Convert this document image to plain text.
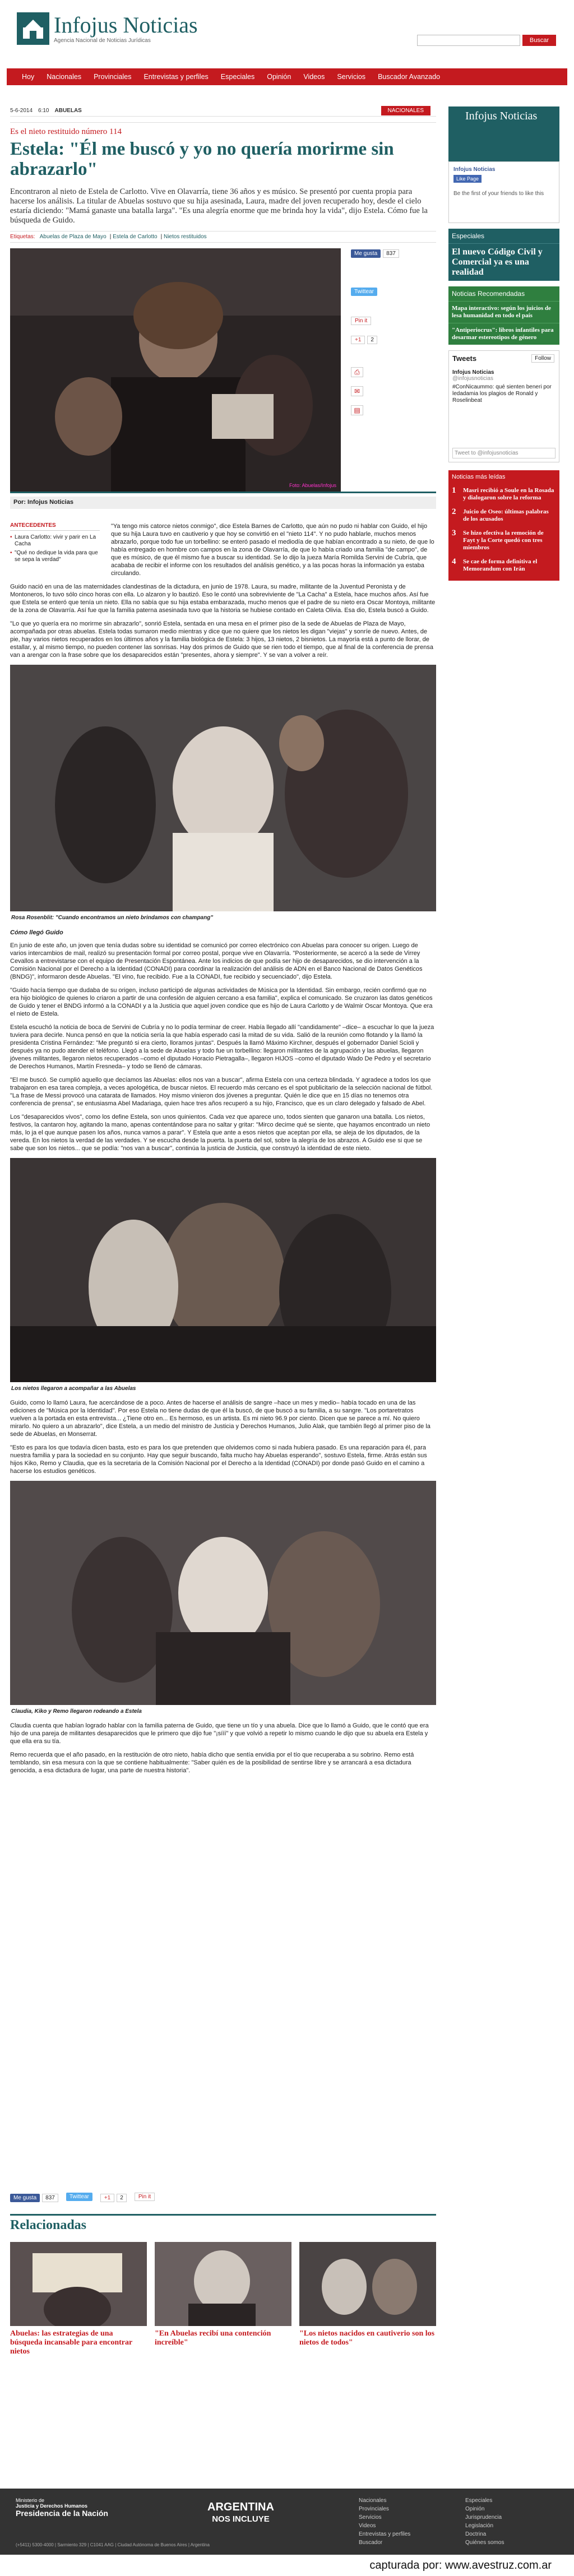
Infojus Noticias
Agencia Nacional de Noticias Jurídicas	Buscar
Hoy	Nacionales	Provinciales	Entrevistas y perfiles	Especiales	Opinión	Videos	Servicios	Buscador Avanzado
5-6-2014 6:10 ABUELAS	NACIONALES
Es el nieto restituido número 114
Estela: "Él me buscó y yo no quería morirme sin abrazarlo"

Encontraron al nieto de Estela de Carlotto. Vive en Olavarría, tiene 36 años y es músico. Se presentó por cuenta propia para hacerse los análisis. La titular de Abuelas sostuvo que su hija asesinada, Laura, madre del joven recuperado hoy, desde el cielo estaría diciendo: "Mamá ganaste una batalla larga". "Es una alegría enorme que me brinda hoy la vida", dijo Estela. Cómo fue la búsqueda de Guido.

Etiquetas: Abuelas de Plaza de Mayo | Estela de Carlotto | Nietos restituidos
Foto: Abuelas/Infojus
Me gusta	837
Twittear
Pin it
+1	2
⎙
✉
▤
Por: Infojus Noticias
ANTECEDENTES
• Laura Carlotto: vivir y parir en La Cacha
• "Qué no dedique la vida para que se sepa la verdad"

"Ya tengo mis catorce nietos conmigo", dice Estela Barnes de Carlotto, que aún no pudo ni hablar con Guido, el hijo que su hija Laura tuvo en cautiverio y que hoy se convirtió en el "nieto 114". Y no pudo hablarle, muchos menos abrazarlo, porque todo fue un torbellino: se enteró pasado el mediodía de que habían encontrado a su nieto, de que lo había entregado en hombre con campos en la zona de Olavarría, de que lo había criado una familia "de campo", de que es músico, de que él mismo fue a buscar su identidad. Se lo dijo la jueza María Romilda Servini de Cubría, que acababa de recibir el informe con los resultados del análisis genético, y a las pocas horas la información ya estaba circulando.

Guido nació en una de las maternidades clandestinas de la dictadura, en junio de 1978. Laura, su madre, militante de la Juventud Peronista y de Montoneros, lo tuvo sólo cinco horas con ella. Lo alzaron y lo bautizó. Eso le contó una sobreviviente de "La Cacha" a Estela, hace muchos años. Así fue que Estela se enteró que tenía un nieto. Ella no sabía que su hija estaba embarazada, mucho menos que el padre de su nieto era Oscar Montoya, militante de la zona de Olavarría. Así fue que la familia paterna asesinada tuvo que la historia se hubiese contado en Caleta Olivia. Esa dio, Estela buscó a Guido.

"Lo que yo quería era no morirme sin abrazarlo", sonrió Estela, sentada en una mesa en el primer piso de la sede de Abuelas de Plaza de Mayo, acompañada por otras abuelas. Estela todas sumaron medio mientras y dice que no quiere que los nietos les digan "viejas" y sonríe de nuevo. Antes, de pie, hay varios nietos recuperados en los últimos años y la familia biológica de Estela: 3 hijos, 13 nietos, 2 bisnietos. La mayoría está a punto de llorar, de estallar, y, al mismo tiempo, no pueden contener las sonrisas. Hay dos primos de Guido que se rien todo el tiempo, que al final de la conferencia de prensa van a arengar con la frase sobre que los desaparecidos están "presentes, ahora y siempre". Y se van a volver a reír.

Rosa Rosenblit: "Cuando encontramos un nieto brindamos con champang"
Cómo llegó Guido

En junio de este año, un joven que tenía dudas sobre su identidad se comunicó por correo electrónico con Abuelas para conocer su origen. Luego de varios intercambios de mail, realizó su presentación formal por correo postal, porque vive en Olavarría. "Posteriormente, se acercó a la sede de Virrey Cevallos a entrevistarse con el equipo de Presentación Espontánea. Ante los indicios de que podía ser hijo de desaparecidos, se dio intervención a la Comisión Nacional por el Derecho a la Identidad (CONADI) para coordinar la realización del análisis de ADN en el Banco Nacional de Datos Genéticos (BNDG)", informaron desde Abuelas. "El vino, fue recibido. Fue a la CONADI, fue recibido y secuenciado", dijo Estela.

"Guido hacía tiempo que dudaba de su origen, incluso participó de algunas actividades de Música por la Identidad. Sin embargo, recién confirmó que no era hijo biológico de quienes lo criaron a partir de una confesión de alguien cercano a esa familia", explica el comunicado. Se cruzaron las datos genéticos de Guido y tener el BNDG informó a la CONADI y a la Justicia que aquel joven condice que es hijo de Laura Carlotto y de Walmir Oscar Montoya. Que era el nieto de Estela.

Estela escuchó la noticia de boca de Servini de Cubría y no lo podía terminar de creer. Había llegado allí "candidamente" –dice– a escuchar lo que la jueza tuviera para decirle. Nunca pensó en que la noticia sería la que había esperado casi la mitad de su vida. Salió de la reunión como flotando y la llamó la presidenta Cristina Fernández: "Me preguntó si era cierto, lloramos juntas". Después la llamó Máximo Kirchner, después el gobernador Daniel Scioli y después ya no pudo atender el teléfono. Llegó a la sede de Abuelas y todo fue un torbellino: llegaron militantes de la agrupación y las abuelas, llegaron jóvenes militantes, llegaron nietos recuperados –como el diputado Horacio Pietragalla–, llegaron HIJOS –como el diputado Wado De Pedro y el secretario de Derechos Humanos, Martín Fresneda– y todo se llenó de cámaras.

"El me buscó. Se cumplió aquello que decíamos las Abuelas: ellos nos van a buscar", afirma Estela con una certeza blindada. Y agradece a todos los que trabajaron en esa tarea compleja, a veces apologética, de buscar nietos. El recuerdo más cercano es el spot publicitario de la selección nacional de fútbol. "La frase de Messi provocó una catarata de llamados. Hoy mismo vinieron dos jóvenes a preguntar. Quién le dice que en 15 días no tenemos otra conferencia de prensa", se entusiasma Abel Madariaga, quien hace tres años recuperó a su hijo, Francisco, que es un claro delegado y falsado de Abel.

Los "desaparecidos vivos", como los define Estela, son unos quinientos. Cada vez que aparece uno, todos sienten que ganaron una batalla. Los nietos, festivos, la cantaron hoy, agitando la mano, apenas contentándose para no saltar y gritar: "Mirco decime qué se siente, que hayamos encontrado un nieto más, lo ja el que aunque pasen los años, nunca vamos a parar". Y Estela que ante a esos nietos que aceptan por ella, se aleja de los diputados, de la vereda. En los nietos la verdad de las verdades. Y se escucha desde la puerta. la puerta del sol, sobre la alegría de los abrazos. A Guido ese si que se sabe que son los nietos... que se podía: "nos van a buscar", continúa la justicia de Justicia, que construyó la identidad de este nieto.

Los nietos llegaron a acompañar a las Abuelas

Guido, como lo llamó Laura, fue acercándose de a poco. Antes de hacerse el análisis de sangre –hace un mes y medio– había tocado en una de las ediciones de "Música por la Identidad". Por eso Estela no tiene dudas de que él la buscó, de que buscó a su familia, a su sangre. "Los portaretratos vuelven a la portada en esta entrevista... ¿Tiene otro en... Es hermoso, es un artista. Es mi nieto 96.9 por ciento. Dicen que se parece a mí. No quiero mirarlo. No quiero a un abrazarlo", dice Estela, a un medio del ministro de Justicia y Derechos Humanos, Julio Alak, que también llegó al primer piso de la sede de Abuelas, en Monserrat.

"Esto es para los que todavía dicen basta, esto es para los que pretenden que olvidemos como si nada hubiera pasado. Es una reparación para él, para nuestra familia y para la sociedad en su conjunto. Hay que seguir buscando, falta mucho hay Abuelas esperando", sostuvo Estela, firme. Atrás están sus hijos Kiko, Remo y Claudia, que es la secretaria de la Comisión Nacional por el Derecho a la Identidad (CONADI) por donde pasó Guido en el camino a hacerse los estudios genéticos.

Claudia, Kiko y Remo llegaron rodeando a Estela

Claudia cuenta que habían logrado hablar con la familia paterna de Guido, que tiene un tío y una abuela. Dice que lo llamó a Guido, que le contó que era hijo de una pareja de militantes desaparecidos que le primero que dijo fue "¡sííí" y que volvió a repetir lo mismo cuando le dijo que su abuela era Estela y que ella era su tía.

Remo recuerda que el año pasado, en la restitución de otro nieto, había dicho que sentía envidia por el tío que recuperaba a su sobrino. Remo está temblando, sin esa mesura con la que se contiene habitualmente: "Saber quién es de la posibilidad de sentirse libre y se arrancará a esa dictadura genocida, a esa dictadura de lugar, una parte de nuestra historia".

Infojus Noticias
Infojus Noticias
Like Page
Be the first of your friends to like this
Especiales
El nuevo Código Civil y Comercial ya es una realidad
Noticias Recomendadas
Mapa interactivo: según los juicios de lesa humanidad en todo el país
"Antiperiocrus": libros infantiles para desarmar estereotipos de género
Tweets	Follow
Infojus Noticias
@infojusnoticias
#ConNicaummo: qué sienten beneri por ledadamia los plagios de Ronald y Roselinbeat
Tweet to @infojusnoticias
Noticias más leídas
1	Masri recibió a Soule en la Rosada y dialogaron sobre la reforma
2	Juicio de Oseo: últimas palabras de los acusados
3	Se hizo efectiva la remoción de Fayt y la Corte quedó con tres miembros
4	Se cae de forma definitiva el Memorandum con Irán
Me gusta 837	Twittear	+1 2	Pin it
Relacionadas
Abuelas: las estrategias de una búsqueda incansable para encontrar nietos
"En Abuelas recibí una contención increíble"
"Los nietos nacidos en cautiverio son los nietos de todos"
Ministerio de
Justicia y Derechos Humanos
Presidencia de la Nación	ARGENTINA
NOS INCLUYE
Nacionales
Provinciales
Servicios
Videos
Entrevistas y perfiles
Buscador
Especiales
Opinión
Jurisprudencia
Legislación
Doctrina
Quiénes somos
(+5411) 5300-4000 | Sarmiento 329 | C1041 AAG | Ciudad Autónoma de Buenos Aires | Argentina
capturada por: www.avestruz.com.ar
